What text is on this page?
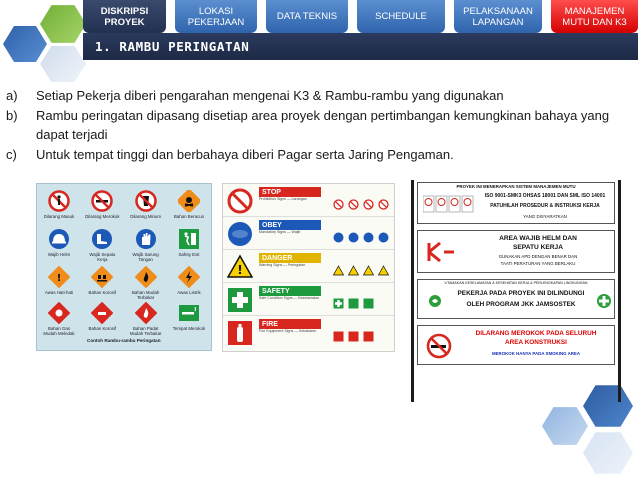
DISKRIPSI
PROYEK
LOKASI
PEKERJAAN	DATA TEKNIS	SCHEDULE	PELAKSANAAN
LAPANGAN
MANAJEMEN
MUTU DAN K3
1. RAMBU PERINGATAN
a)	Setiap Pekerja diberi pengarahan mengenai K3 & Rambu-rambu yang digunakan
b)	Rambu peringatan dipasang disetiap area proyek dengan pertimbangan kemungkinan bahaya yang dapat terjadi
c)	Untuk tempat tinggi dan berbahaya diberi Pagar serta Jaring Pengaman.
Dilarang Masuk Dilarang Merokok Dilarang Minum	Bahan Beracun
Wajib Helm	Wajib Sepatu Kerja
Wajib Sarung Tangan
Safety Exit
!
Awas Hati-hati	Bahan Korosif	Bahan Mudah Terbakar
Awas Listrik
Bahan Gas Mudah Meledak
Bahan Korosif	Bahan Padat Mudah Terbakar
Tempat Merokok
Contoh Rambu-rambu Peringatan
STOP
Prohibition Signs — Larangan
OBEY
Mandatory Signs — Wajib
!
DANGER
Warning Signs — Peringatan
SAFETY
Safe Condition Signs — Keselamatan
FIRE
Fire Equipment Signs — Kebakaran
PROYEK INI MENERAPKAN SISTEM MANAJEMEN MUTU
ISO 9001-SMK3 OHSAS 18001 DAN SML ISO 14001
PATUHILAH PROSEDUR & INSTRUKSI KERJA
YANG DISYARATKAN
AREA WAJIB HELM DAN
SEPATU KERJA
GUNAKAN APD DENGAN BENAR DAN
TAATI PERATURAN YANG BERLAKU
UTAMAKAN KESELAMATAN & KESEHATAN KERJA & PERLENGKAPAN LINGKUNGAN
PEKERJA PADA PROYEK INI DILINDUNGI
OLEH PROGRAM JKK JAMSOSTEK
DILARANG MEROKOK PADA SELURUH
AREA KONSTRUKSI
MEROKOK HANYA PADA SMOKING AREA
